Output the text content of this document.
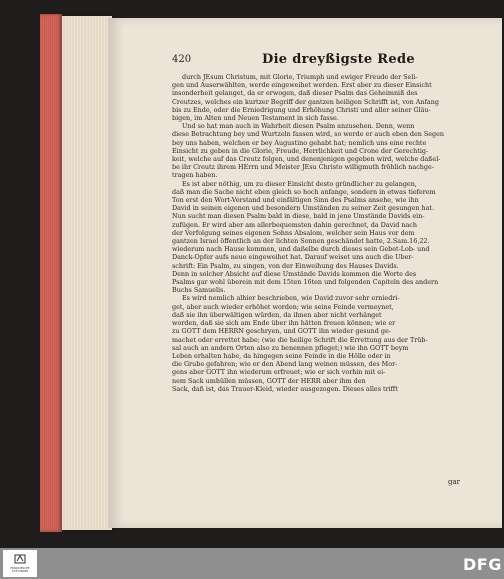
420	Die dreyßigste Rede
durch JEsum Christum, mit Glorie, Triumph und ewiger Freude der Seli-
gen und Auserwählten, werde eingeweihet werden. Erst aber zu dieser Einsicht
insonderheit gelanget, da er erwogen, daß dieser Psalm das Geheimniß des
Creutzes, welches ein kurtzer Begriff der gantzen heiligen Schrifft ist, von Anfang
bis zu Ende, oder die Erniedrigung und Erhöhung Christi und aller seiner Gläu-
bigen, im Alten und Neuen Testament in sich fasse.
Und so hat man auch in Wahrheit diesen Psalm anzusehen. Denn, wenn
diese Betrachtung bey und Wurtzeln fassen wird, so werde er auch eben den Segen
bey uns haben, welchen er bey Augustino gehabt hat; nemlich uns eine rechte
Einsicht zu geben in die Glorie, Freude, Herrlichkeit und Crone der Gerechtig-
keit, welche auf das Creutz folgen, und denenjenigen gegeben wird, welche daßel-
be ihr Creutz ihrem HErrn und Meister JEsu Christo willigmuth fröhlich nachge-
tragen haben.
Es ist aber nöthig, um zu dieser Einsicht desto gründlicher zu gelangen,
daß man die Sache nicht eben gleich so hoch anfange, sondern in etwas tieferem
Ton erst den Wort-Verstand und einfältigen Sinn des Psalms ansehe, wie ihn
David in seinen eigenen und besondern Umständen zu seiner Zeit gesungen hat.
Nun sucht man diesen Psalm bald in diese, bald in jene Umstände Davids ein-
zufügen. Er wird aber am allerbequemsten dahin gerechnet, da David nach
der Verfolgung seines eigenen Sohns Absalom, welcher sein Haus vor dem
gantzen Israel öffentlich an der lichten Sonnen geschändet hatte, 2.Sam.16,22.
wiederum nach Hause kommen, und daßelbe durch dieses sein Gebet-Lob- und
Danck-Opfer aufs neue eingeweihet hat. Darauf weiset uns auch die Uber-
schrift: Ein Psalm, zu singen, von der Einweihung des Hauses Davids.
Denn in solcher Absicht auf diese Umstände Davids kommen die Worte des
Psalms gar wohl überein mit dem 15ten 16ten und folgenden Capiteln des andern
Buchs Samuelis.
Es wird nemlich alhier beschrieben, wie David zuvor sehr erniedri-
get, aber auch wieder erhöhet worden; wie seine Feinde vermeynet,
daß sie ihn überwältigen würden, da ihnen aber nicht verhänget
worden, daß sie sich am Ende über ihn hätten freuen können; wie er
zu GOTT dem HERRN geschryen, und GOTT ihn wieder gesund ge-
machet oder errettet habe; (wie die heilige Schrift die Errettung aus der Trüb-
sal auch an andern Orten also zu benennen pfleget;) wie ihn GOTT beym
Leben erhalten habe, da hingegen seine Feinde in die Hölle oder in
die Grube gefahren; wie er den Abend lang weinen müssen, des Mor-
gens aber GOTT ihn wiederum erfreuet; wie er sich vorhin mit ei-
nem Sack umhüllen müssen, GOTT der HERR aber ihm den
Sack, daß ist, das Trauer-Kleid, wieder ausgezogen. Dieses alles trifft
gar
FRANCKESCHE STIFTUNGEN	DFG
